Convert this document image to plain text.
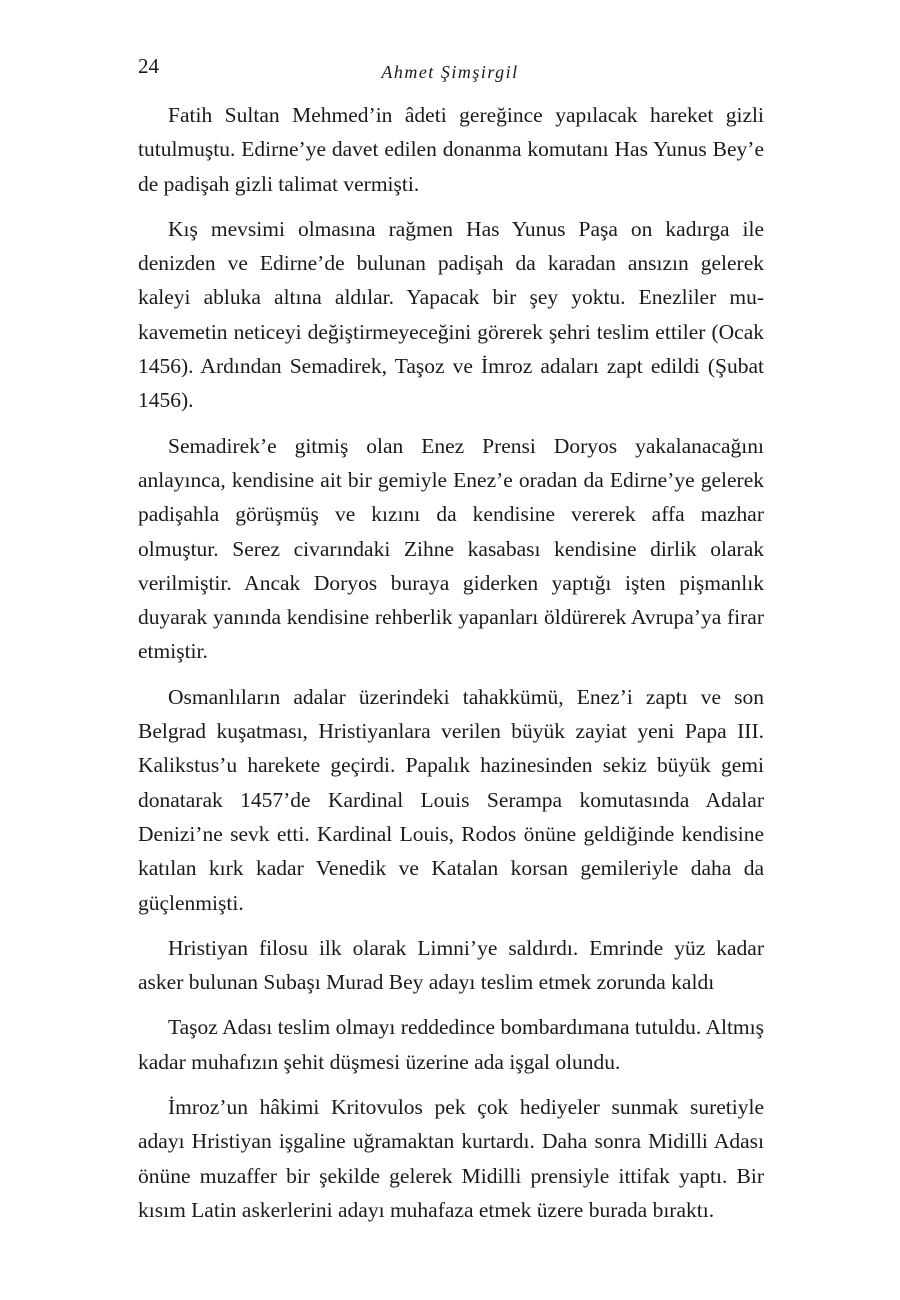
24	Ahmet Şimşirgil

Fatih Sultan Mehmed’in âdeti gereğince yapılacak hareket gizli tutulmuştu. Edirne’ye davet edilen donanma komutanı Has Yunus Bey’e de padişah gizli talimat vermişti.

Kış mevsimi olmasına rağmen Has Yunus Paşa on kadırga ile denizden ve Edirne’de bulunan padişah da karadan ansızın gelerek kaleyi abluka altına aldılar. Yapacak bir şey yoktu. Enezliler mukavemetin neticeyi değiştirmeyeceğini görerek şehri teslim ettiler (Ocak 1456). Ardından Semadirek, Taşoz ve İmroz adaları zapt edildi (Şubat 1456).

Semadirek’e gitmiş olan Enez Prensi Doryos yakalanacağını anlayınca, kendisine ait bir gemiyle Enez’e oradan da Edirne’ye gelerek padişahla görüşmüş ve kızını da kendisine vererek affa mazhar olmuştur. Serez civarındaki Zihne kasabası kendisine dirlik olarak verilmiştir. Ancak Doryos buraya giderken yaptığı işten pişmanlık duyarak yanında kendisine rehberlik yapanları öldürerek Avrupa’ya firar etmiştir.

Osmanlıların adalar üzerindeki tahakkümü, Enez’i zaptı ve son Belgrad kuşatması, Hristiyanlara verilen büyük zayiat yeni Papa III. Kalikstus’u harekete geçirdi. Papalık hazinesinden sekiz büyük gemi donatarak 1457’de Kardinal Louis Serampa komutasında Adalar Denizi’ne sevk etti. Kardinal Louis, Rodos önüne geldiğinde kendisine katılan kırk kadar Venedik ve Katalan korsan gemileriyle daha da güçlenmişti.

Hristiyan filosu ilk olarak Limni’ye saldırdı. Emrinde yüz kadar asker bulunan Subaşı Murad Bey adayı teslim etmek zorunda kaldı

Taşoz Adası teslim olmayı reddedince bombardımana tutuldu. Altmış kadar muhafızın şehit düşmesi üzerine ada işgal olundu.

İmroz’un hâkimi Kritovulos pek çok hediyeler sunmak suretiyle adayı Hristiyan işgaline uğramaktan kurtardı. Daha sonra Midilli Adası önüne muzaffer bir şekilde gelerek Midilli prensiyle ittifak yaptı. Bir kısım Latin askerlerini adayı muhafaza etmek üzere burada bıraktı.
